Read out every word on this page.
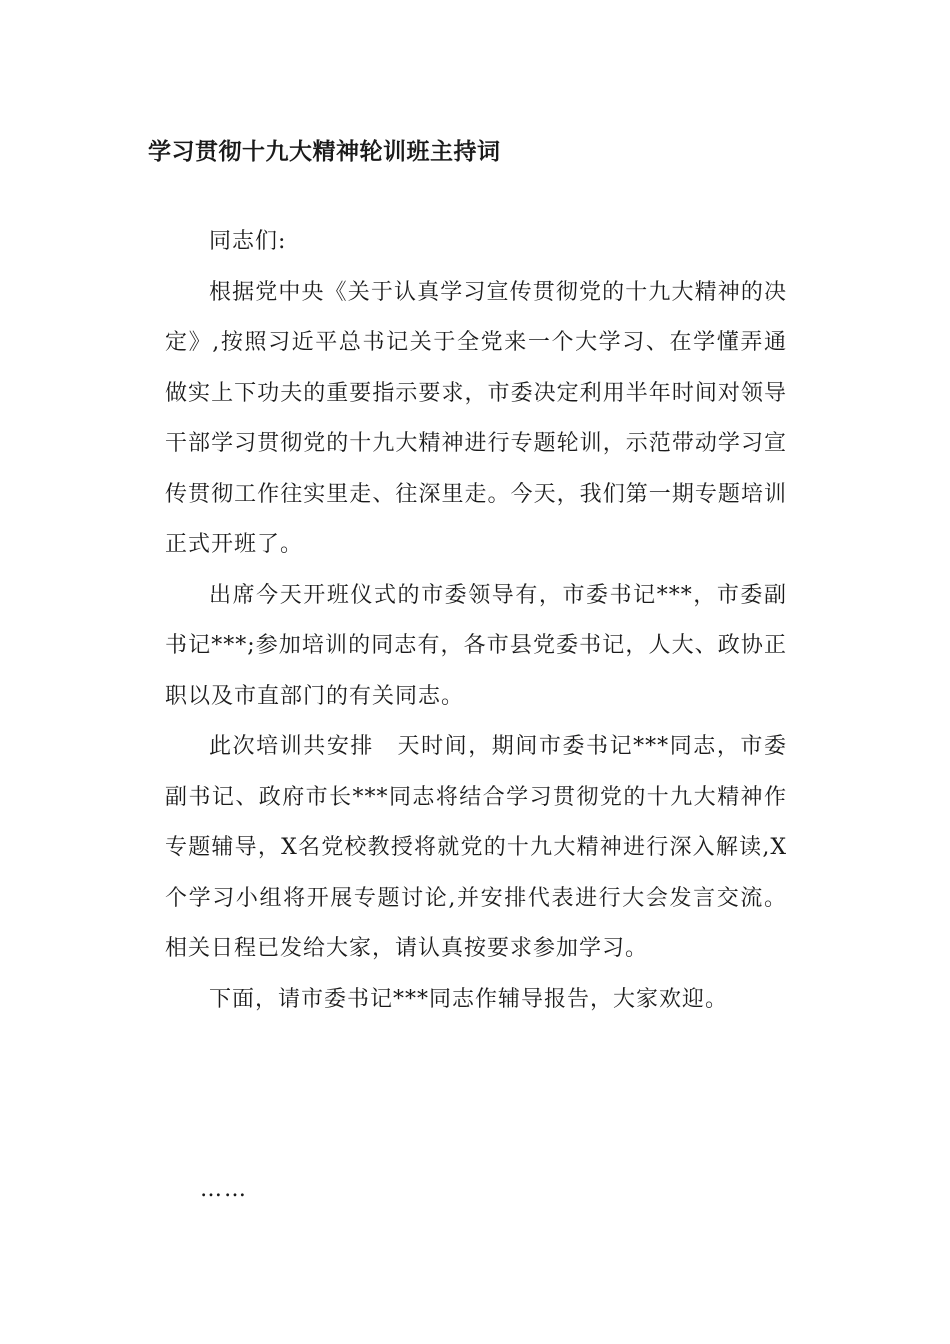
学习贯彻十九大精神轮训班主持词

同志们:

根据党中央《关于认真学习宣传贯彻党的十九大精神的决定》,按照习近平总书记关于全党来一个大学习、在学懂弄通做实上下功夫的重要指示要求，市委决定利用半年时间对领导干部学习贯彻党的十九大精神进行专题轮训，示范带动学习宣传贯彻工作往实里走、往深里走。今天，我们第一期专题培训正式开班了。

出席今天开班仪式的市委领导有，市委书记***，市委副书记***;参加培训的同志有，各市县党委书记，人大、政协正职以及市直部门的有关同志。

此次培训共安排　天时间，期间市委书记***同志，市委副书记、政府市长***同志将结合学习贯彻党的十九大精神作专题辅导，X名党校教授将就党的十九大精神进行深入解读,X个学习小组将开展专题讨论,并安排代表进行大会发言交流。相关日程已发给大家，请认真按要求参加学习。

下面，请市委书记***同志作辅导报告，大家欢迎。

……
